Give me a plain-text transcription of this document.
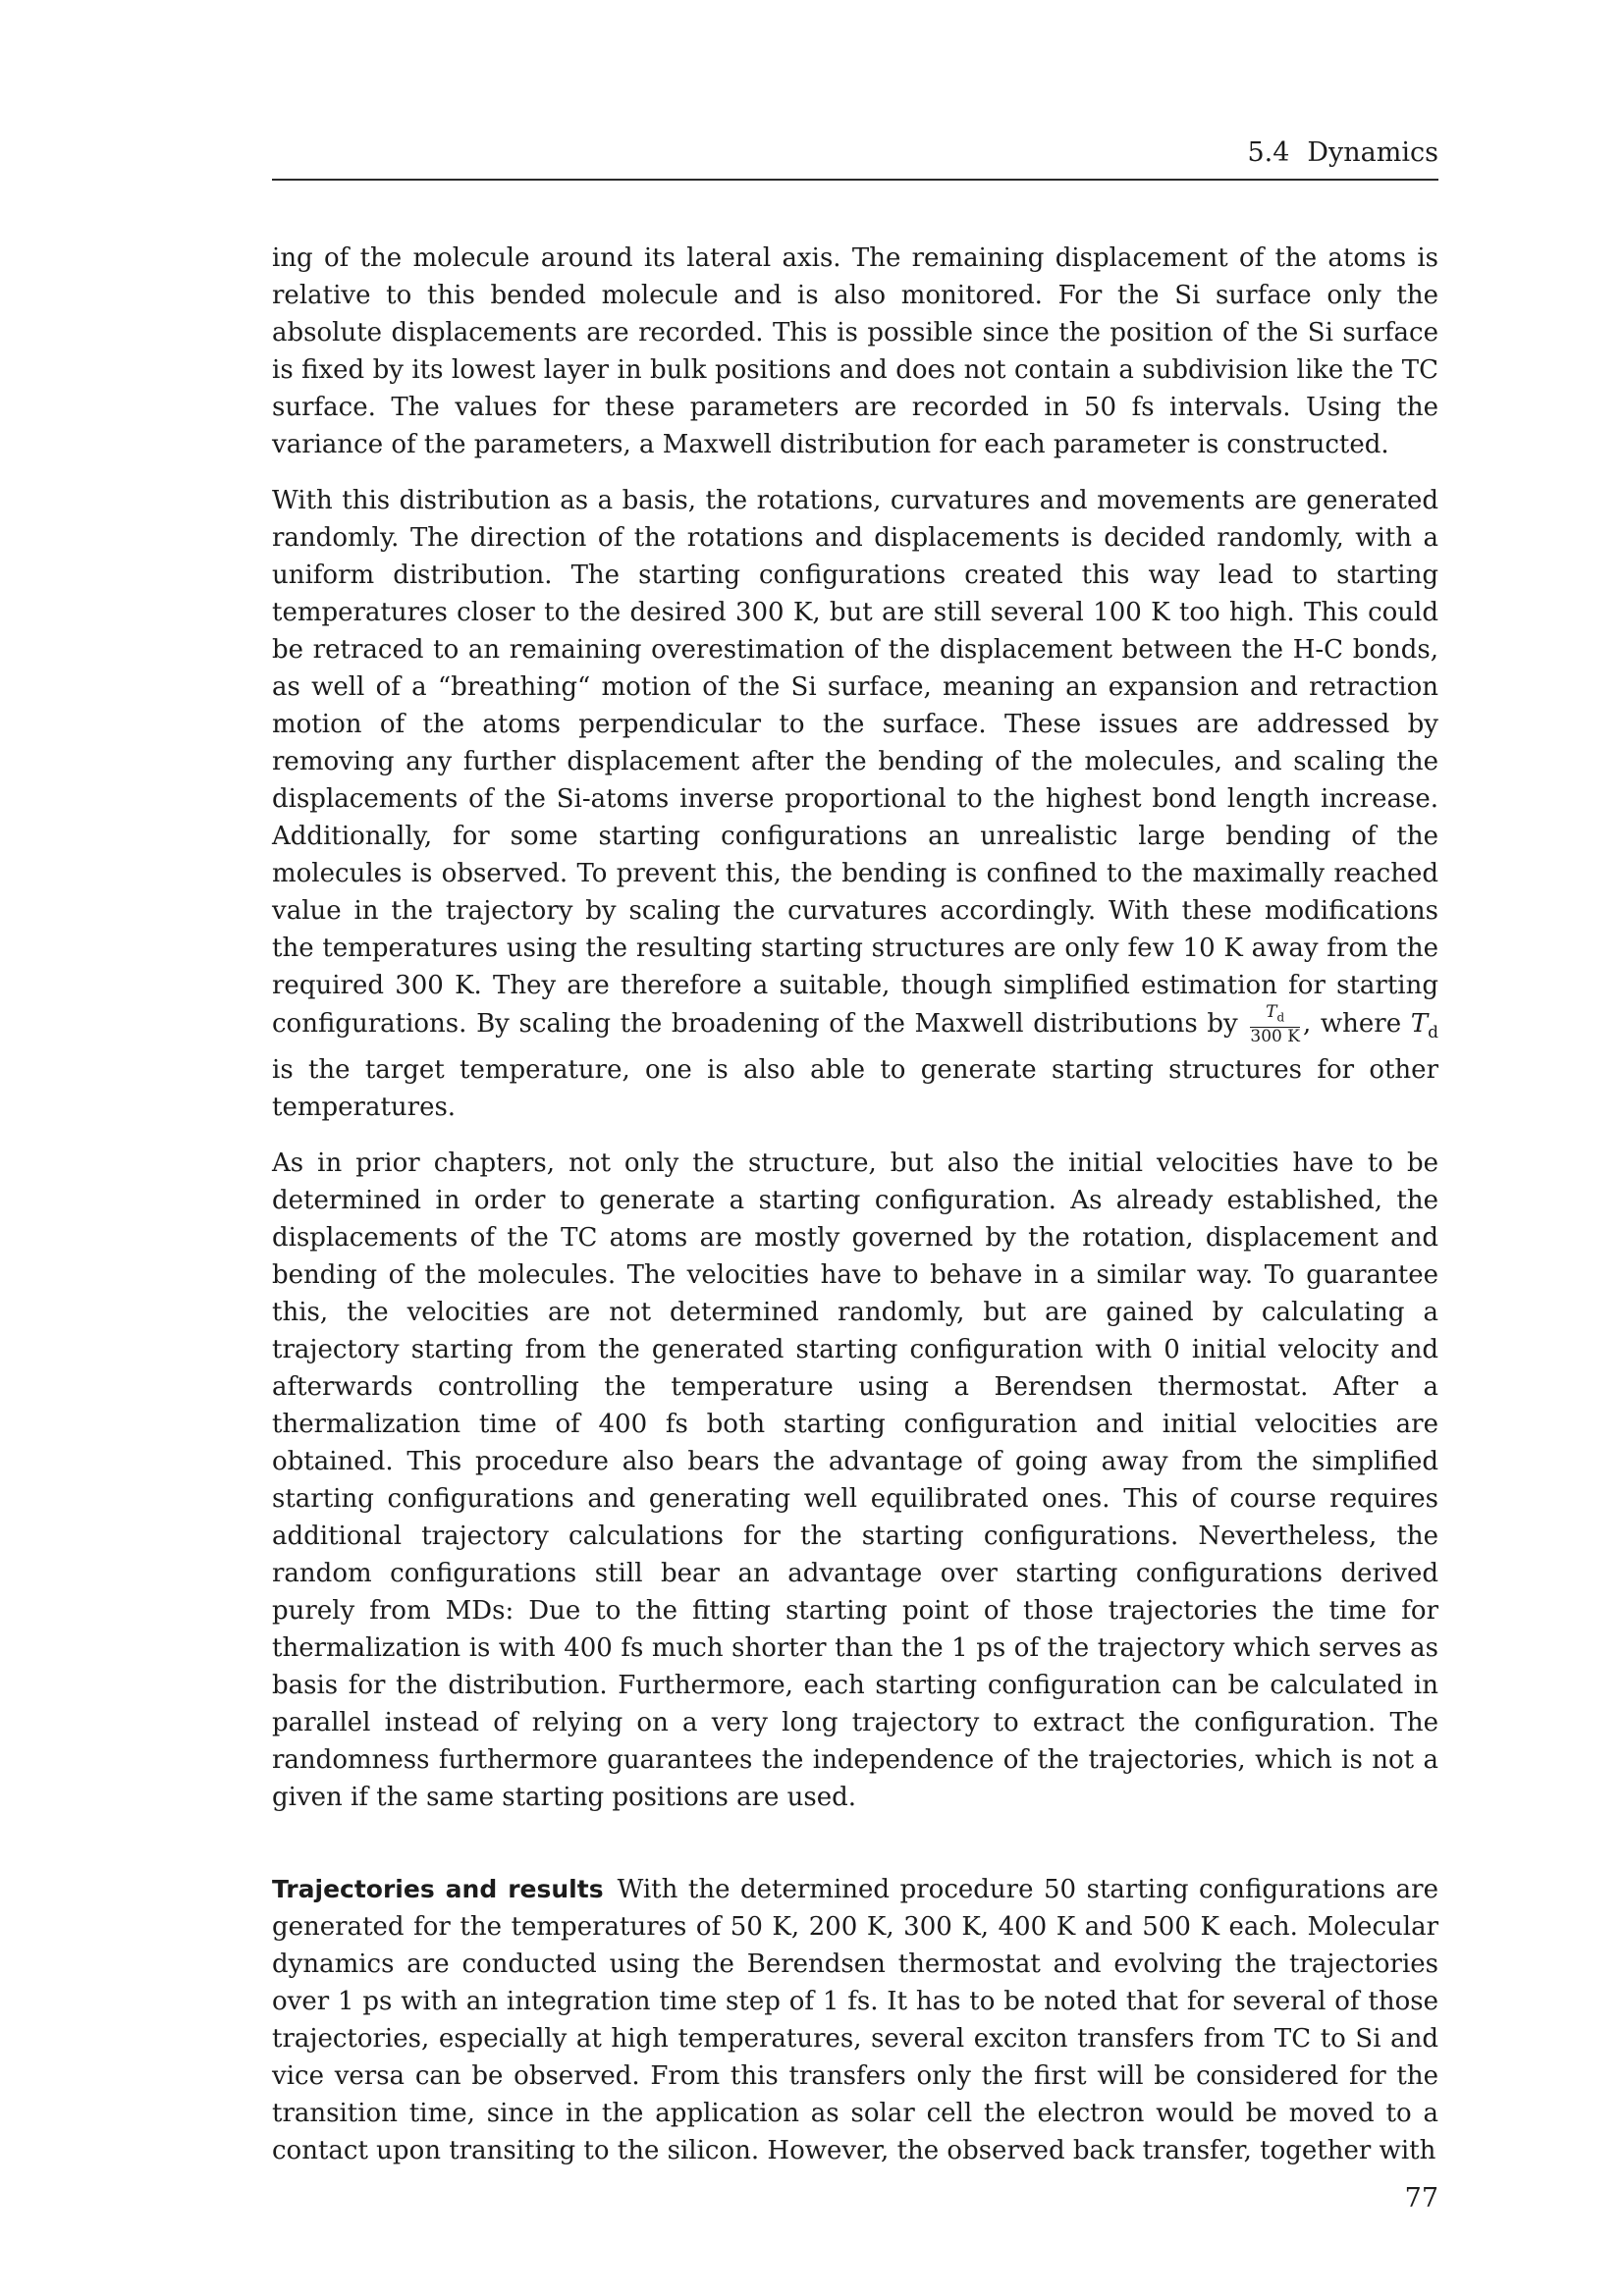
5.4 Dynamics

ing of the molecule around its lateral axis. The remaining displacement of the atoms is relative to this bended molecule and is also monitored. For the Si surface only the absolute displacements are recorded. This is possible since the position of the Si surface is fixed by its lowest layer in bulk positions and does not contain a subdivision like the TC surface. The values for these parameters are recorded in 50 fs intervals. Using the variance of the parameters, a Maxwell distribution for each parameter is constructed.

With this distribution as a basis, the rotations, curvatures and movements are generated randomly. The direction of the rotations and displacements is decided randomly, with a uniform distribution. The starting configurations created this way lead to starting temperatures closer to the desired 300 K, but are still several 100 K too high. This could be retraced to an remaining overestimation of the displacement between the H-C bonds, as well of a “breathing“ motion of the Si surface, meaning an expansion and retraction motion of the atoms perpendicular to the surface. These issues are addressed by removing any further displacement after the bending of the molecules, and scaling the displacements of the Si-atoms inverse proportional to the highest bond length increase. Additionally, for some starting configurations an unrealistic large bending of the molecules is observed. To prevent this, the bending is confined to the maximally reached value in the trajectory by scaling the curvatures accordingly. With these modifications the temperatures using the resulting starting structures are only few 10 K away from the required 300 K. They are therefore a suitable, though simplified estimation for starting configurations. By scaling the broadening of the Maxwell distributions by $\frac{T_d}{300 K}$ , where $T_d$ is the target temperature, one is also able to generate starting structures for other temperatures.

As in prior chapters, not only the structure, but also the initial velocities have to be determined in order to generate a starting configuration. As already established, the displacements of the TC atoms are mostly governed by the rotation, displacement and bending of the molecules. The velocities have to behave in a similar way. To guarantee this, the velocities are not determined randomly, but are gained by calculating a trajectory starting from the generated starting configuration with 0 initial velocity and afterwards controlling the temperature using a Berendsen thermostat. After a thermalization time of 400 fs both starting configuration and initial velocities are obtained. This procedure also bears the advantage of going away from the simplified starting configurations and generating well equilibrated ones. This of course requires additional trajectory calculations for the starting configurations. Nevertheless, the random configurations still bear an advantage over starting configurations derived purely from MDs: Due to the fitting starting point of those trajectories the time for thermalization is with 400 fs much shorter than the 1 ps of the trajectory which serves as basis for the distribution. Furthermore, each starting configuration can be calculated in parallel instead of relying on a very long trajectory to extract the configuration. The randomness furthermore guarantees the independence of the trajectories, which is not a given if the same starting positions are used.

Trajectories and results With the determined procedure 50 starting configurations are generated for the temperatures of 50 K, 200 K, 300 K, 400 K and 500 K each. Molecular dynamics are conducted using the Berendsen thermostat and evolving the trajectories over 1 ps with an integration time step of 1 fs. It has to be noted that for several of those trajectories, especially at high temperatures, several exciton transfers from TC to Si and vice versa can be observed. From this transfers only the first will be considered for the transition time, since in the application as solar cell the electron would be moved to a contact upon transiting to the silicon. However, the observed back transfer, together with

77
